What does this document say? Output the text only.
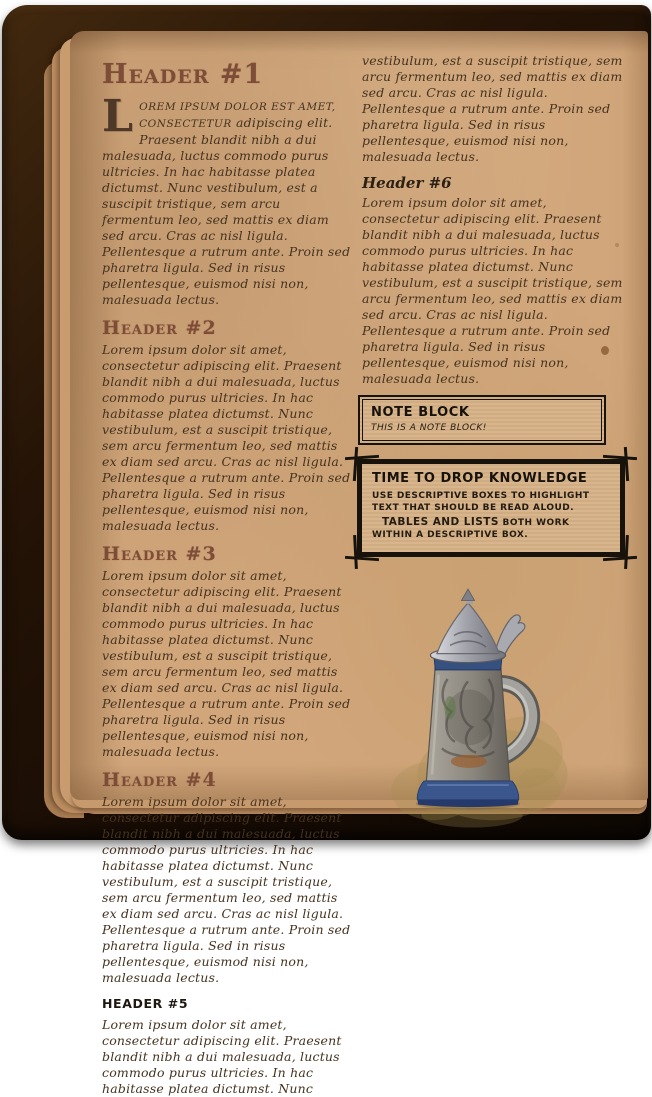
Header #1

LOREM IPSUM DOLOR EST AMET, CONSECTETUR adipiscing elit. Praesent blandit nibh a dui malesuada, luctus commodo purus ultricies. In hac habitasse platea dictumst. Nunc vestibulum, est a suscipit tristique, sem arcu fermentum leo, sed mattis ex diam sed arcu. Cras ac nisl ligula. Pellentesque a rutrum ante. Proin sed pharetra ligula. Sed in risus pellentesque, euismod nisi non, malesuada lectus.

Header #2

Lorem ipsum dolor sit amet, consectetur adipiscing elit. Praesent blandit nibh a dui malesuada, luctus commodo purus ultricies. In hac habitasse platea dictumst. Nunc vestibulum, est a suscipit tristique, sem arcu fermentum leo, sed mattis ex diam sed arcu. Cras ac nisl ligula. Pellentesque a rutrum ante. Proin sed pharetra ligula. Sed in risus pellentesque, euismod nisi non, malesuada lectus.

Header #3

Lorem ipsum dolor sit amet, consectetur adipiscing elit. Praesent blandit nibh a dui malesuada, luctus commodo purus ultricies. In hac habitasse platea dictumst. Nunc vestibulum, est a suscipit tristique, sem arcu fermentum leo, sed mattis ex diam sed arcu. Cras ac nisl ligula. Pellentesque a rutrum ante. Proin sed pharetra ligula. Sed in risus pellentesque, euismod nisi non, malesuada lectus.

Header #4

Lorem ipsum dolor sit amet, consectetur adipiscing elit. Praesent blandit nibh a dui malesuada, luctus commodo purus ultricies. In hac habitasse platea dictumst. Nunc vestibulum, est a suscipit tristique, sem arcu fermentum leo, sed mattis ex diam sed arcu. Cras ac nisl ligula. Pellentesque a rutrum ante. Proin sed pharetra ligula. Sed in risus pellentesque, euismod nisi non, malesuada lectus.

HEADER #5

Lorem ipsum dolor sit amet, consectetur adipiscing elit. Praesent blandit nibh a dui malesuada, luctus commodo purus ultricies. In hac habitasse platea dictumst. Nunc

vestibulum, est a suscipit tristique, sem arcu fermentum leo, sed mattis ex diam sed arcu. Cras ac nisl ligula. Pellentesque a rutrum ante. Proin sed pharetra ligula. Sed in risus pellentesque, euismod nisi non, malesuada lectus.

Header #6

Lorem ipsum dolor sit amet, consectetur adipiscing elit. Praesent blandit nibh a dui malesuada, luctus commodo purus ultricies. In hac habitasse platea dictumst. Nunc vestibulum, est a suscipit tristique, sem arcu fermentum leo, sed mattis ex diam sed arcu. Cras ac nisl ligula. Pellentesque a rutrum ante. Proin sed pharetra ligula. Sed in risus pellentesque, euismod nisi non, malesuada lectus.

NOTE BLOCK
THIS IS A NOTE BLOCK!
TIME TO DROP KNOWLEDGE

USE DESCRIPTIVE BOXES TO HIGHLIGHT TEXT THAT SHOULD BE READ ALOUD.

TABLES AND LISTS BOTH WORK WITHIN A DESCRIPTIVE BOX.
